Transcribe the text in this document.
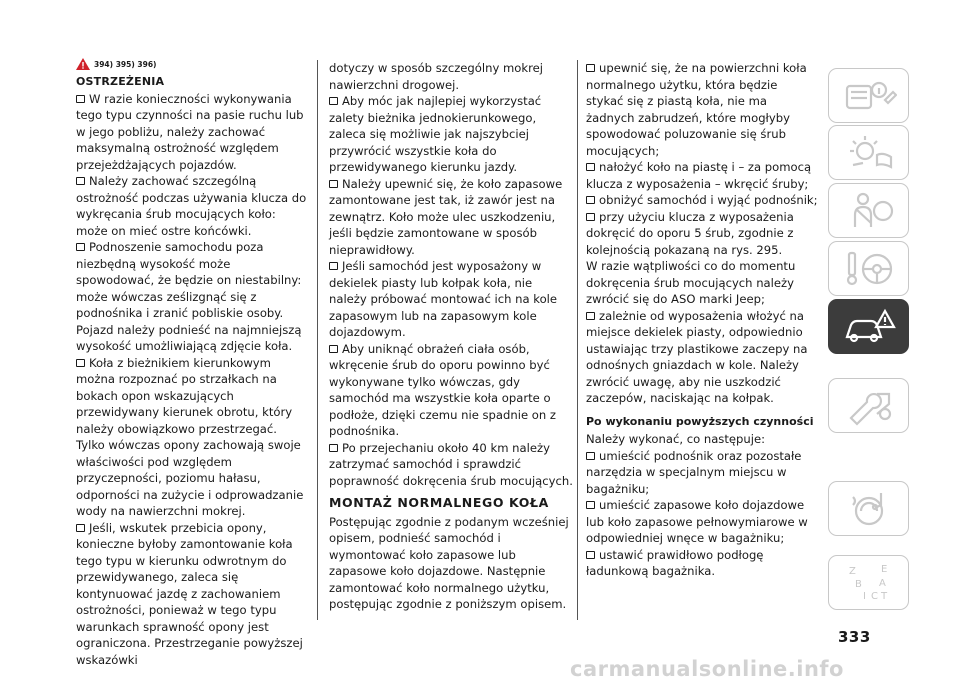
394) 395) 396)

OSTRZEŻENIA

W razie konieczności wykonywania tego typu czynności na pasie ruchu lub w jego pobliżu, należy zachować maksymalną ostrożność względem przejeżdżających pojazdów.

Należy zachować szczególną ostrożność podczas używania klucza do wykręcania śrub mocujących koło: może on mieć ostre końcówki.

Podnoszenie samochodu poza niezbędną wysokość może spowodować, że będzie on niestabilny: może wówczas ześlizgnąć się z podnośnika i zranić pobliskie osoby. Pojazd należy podnieść na najmniejszą wysokość umożliwiającą zdjęcie koła.

Koła z bieżnikiem kierunkowym można rozpoznać po strzałkach na bokach opon wskazujących przewidywany kierunek obrotu, który należy obowiązkowo przestrzegać. Tylko wówczas opony zachowają swoje właściwości pod względem przyczepności, poziomu hałasu, odporności na zużycie i odprowadzanie wody na nawierzchni mokrej.

Jeśli, wskutek przebicia opony, konieczne byłoby zamontowanie koła tego typu w kierunku odwrotnym do przewidywanego, zaleca się kontynuować jazdę z zachowaniem ostrożności, ponieważ w tego typu warunkach sprawność opony jest ograniczona. Przestrzeganie powyższej wskazówki

dotyczy w sposób szczególny mokrej nawierzchni drogowej.

Aby móc jak najlepiej wykorzystać zalety bieżnika jednokierunkowego, zaleca się możliwie jak najszybciej przywrócić wszystkie koła do przewidywanego kierunku jazdy.

Należy upewnić się, że koło zapasowe zamontowane jest tak, iż zawór jest na zewnątrz. Koło może ulec uszkodzeniu, jeśli będzie zamontowane w sposób nieprawidłowy.

Jeśli samochód jest wyposażony w dekielek piasty lub kołpak koła, nie należy próbować montować ich na kole zapasowym lub na zapasowym kole dojazdowym.

Aby uniknąć obrażeń ciała osób, wkręcenie śrub do oporu powinno być wykonywane tylko wówczas, gdy samochód ma wszystkie koła oparte o podłoże, dzięki czemu nie spadnie on z podnośnika.

Po przejechaniu około 40 km należy zatrzymać samochód i sprawdzić poprawność dokręcenia śrub mocujących.

MONTAŻ NORMALNEGO KOŁA

Postępując zgodnie z podanym wcześniej opisem, podnieść samochód i wymontować koło zapasowe lub zapasowe koło dojazdowe. Następnie zamontować koło normalnego użytku, postępując zgodnie z poniższym opisem.

upewnić się, że na powierzchni koła normalnego użytku, która będzie stykać się z piastą koła, nie ma żadnych zabrudzeń, które mogłyby spowodować poluzowanie się śrub mocujących;

nałożyć koło na piastę i – za pomocą klucza z wyposażenia – wkręcić śruby;

obniżyć samochód i wyjąć podnośnik;

przy użyciu klucza z wyposażenia dokręcić do oporu 5 śrub, zgodnie z kolejnością pokazaną na rys. 295.

W razie wątpliwości co do momentu dokręcenia śrub mocujących należy zwrócić się do ASO marki Jeep;

zależnie od wyposażenia włożyć na miejsce dekielek piasty, odpowiednio ustawiając trzy plastikowe zaczepy na odnośnych gniazdach w kole. Należy zwrócić uwagę, aby nie uszkodzić zaczepów, naciskając na kołpak.

Po wykonaniu powyższych czynności

Należy wykonać, co następuje:

umieścić podnośnik oraz pozostałe narzędzia w specjalnym miejscu w bagażniku;

umieścić zapasowe koło dojazdowe lub koło zapasowe pełnowymiarowe w odpowiedniej wnęce w bagażniku;

ustawić prawidłowo podłogę ładunkową bagażnika.	Z	E
B A
I C T
333
carmanualsonline.info
